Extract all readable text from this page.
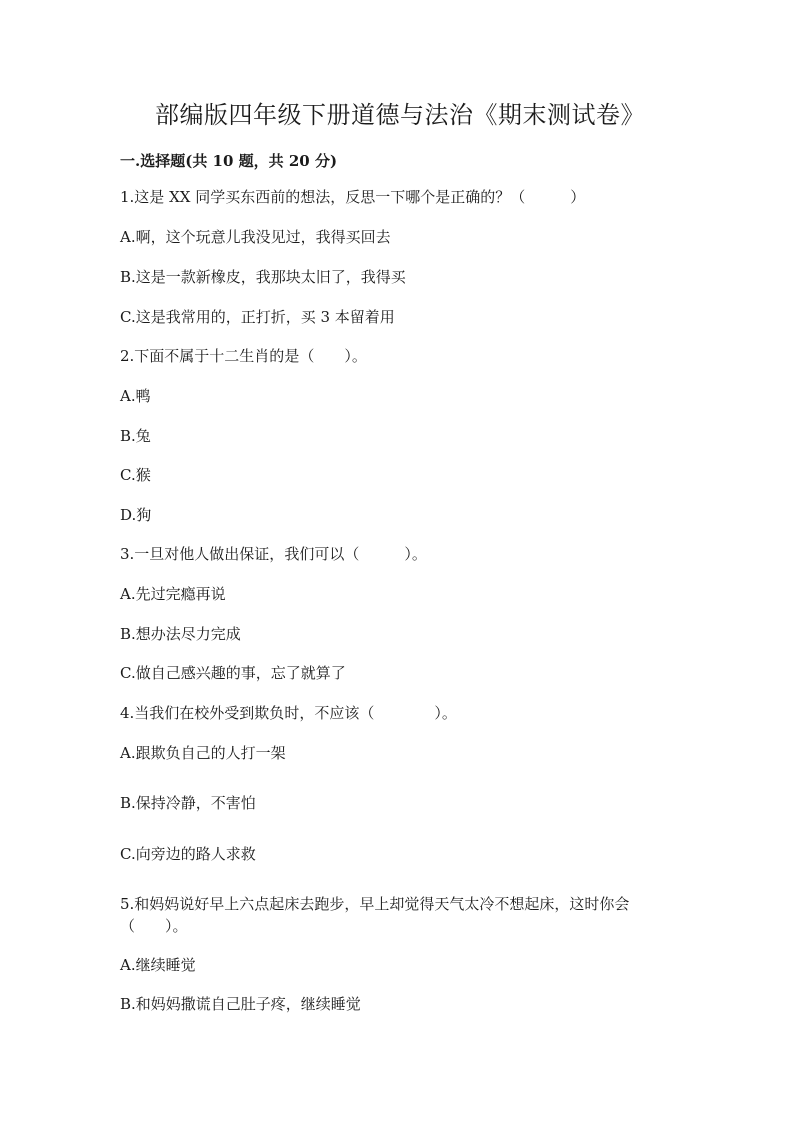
部编版四年级下册道德与法治《期末测试卷》
一.选择题(共 10 题，共 20 分)
1.这是 XX 同学买东西前的想法，反思一下哪个是正确的？（　　　）
A.啊，这个玩意儿我没见过，我得买回去
B.这是一款新橡皮，我那块太旧了，我得买
C.这是我常用的，正打折，买 3 本留着用
2.下面不属于十二生肖的是（　　）。
A.鸭
B.兔
C.猴
D.狗
3.一旦对他人做出保证，我们可以（　　　）。
A.先过完瘾再说
B.想办法尽力完成
C.做自己感兴趣的事，忘了就算了
4.当我们在校外受到欺负时，不应该（　　　　）。
A.跟欺负自己的人打一架
B.保持冷静，不害怕
C.向旁边的路人求救
5.和妈妈说好早上六点起床去跑步，早上却觉得天气太冷不想起床，这时你会（　　）。
A.继续睡觉
B.和妈妈撒谎自己肚子疼，继续睡觉
